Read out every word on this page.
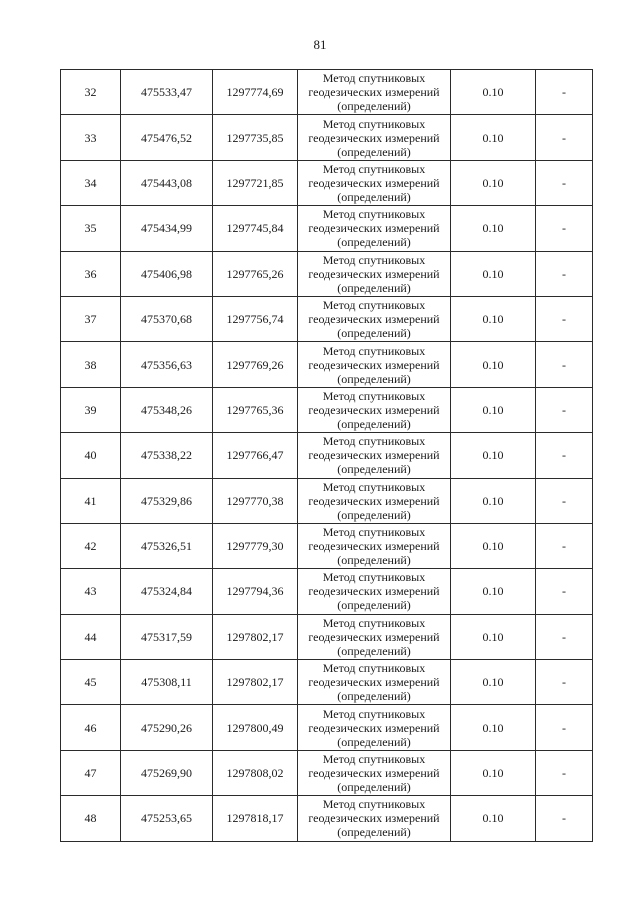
81
32	475533,47	1297774,69	Метод спутниковых
геодезических измерений
(определений)	0.10	-
33	475476,52	1297735,85	Метод спутниковых
геодезических измерений
(определений)	0.10	-
34	475443,08	1297721,85	Метод спутниковых
геодезических измерений
(определений)	0.10	-
35	475434,99	1297745,84	Метод спутниковых
геодезических измерений
(определений)	0.10	-
36	475406,98	1297765,26	Метод спутниковых
геодезических измерений
(определений)	0.10	-
37	475370,68	1297756,74	Метод спутниковых
геодезических измерений
(определений)	0.10	-
38	475356,63	1297769,26	Метод спутниковых
геодезических измерений
(определений)	0.10	-
39	475348,26	1297765,36	Метод спутниковых
геодезических измерений
(определений)	0.10	-
40	475338,22	1297766,47	Метод спутниковых
геодезических измерений
(определений)	0.10	-
41	475329,86	1297770,38	Метод спутниковых
геодезических измерений
(определений)	0.10	-
42	475326,51	1297779,30	Метод спутниковых
геодезических измерений
(определений)	0.10	-
43	475324,84	1297794,36	Метод спутниковых
геодезических измерений
(определений)	0.10	-
44	475317,59	1297802,17	Метод спутниковых
геодезических измерений
(определений)	0.10	-
45	475308,11	1297802,17	Метод спутниковых
геодезических измерений
(определений)	0.10	-
46	475290,26	1297800,49	Метод спутниковых
геодезических измерений
(определений)	0.10	-
47	475269,90	1297808,02	Метод спутниковых
геодезических измерений
(определений)	0.10	-
48	475253,65	1297818,17	Метод спутниковых
геодезических измерений
(определений)	0.10	-
